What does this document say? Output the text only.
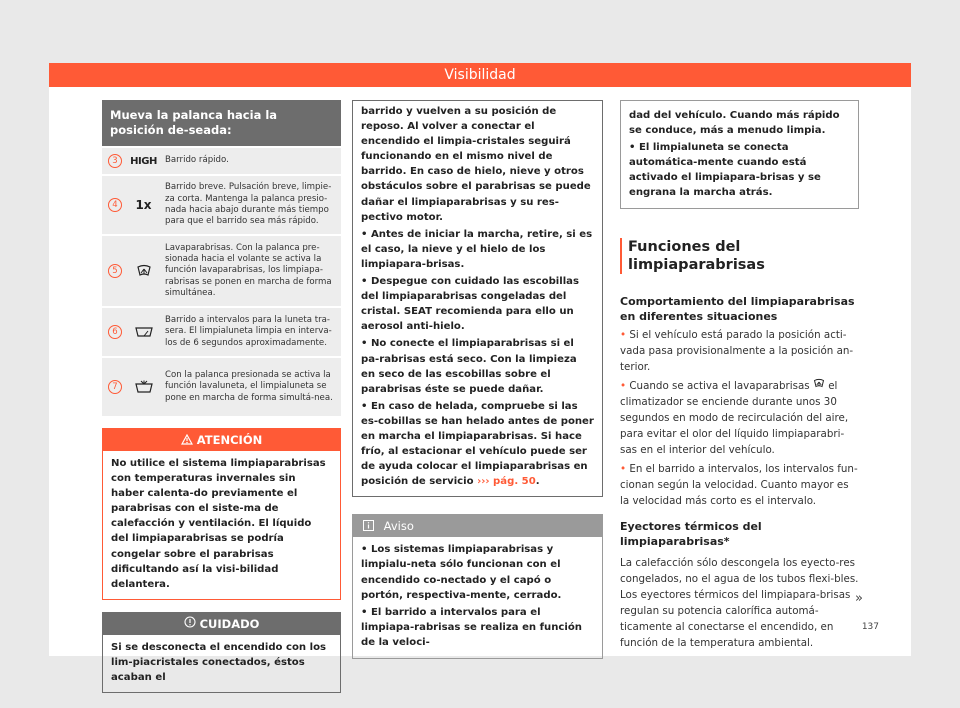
Visibilidad
Mueva la palanca hacia la posición de-seada:
3	HIGH Barrido rápido.
4	1x
Barrido breve. Pulsación breve, limpie-za corta. Mantenga la palanca presio-nada hacia abajo durante más tiempo para que el barrido sea más rápido.
5
Lavaparabrisas. Con la palanca pre-sionada hacia el volante se activa la función lavaparabrisas, los limpiapa-rabrisas se ponen en marcha de forma simultánea.
6
Barrido a intervalos para la luneta tra-sera. El limpialuneta limpia en interva-los de 6 segundos aproximadamente.
7
Con la palanca presionada se activa la función lavaluneta, el limpialuneta se pone en marcha de forma simultá-nea.
ATENCIÓN
No utilice el sistema limpiaparabrisas con temperaturas invernales sin haber calenta-do previamente el parabrisas con el siste-ma de calefacción y ventilación. El líquido del limpiaparabrisas se podría congelar sobre el parabrisas dificultando así la visi-bilidad delantera.
CUIDADO
Si se desconecta el encendido con los lim-piacristales conectados, éstos acaban el
barrido y vuelven a su posición de reposo. Al volver a conectar el encendido el limpia-cristales seguirá funcionando en el mismo nivel de barrido. En caso de hielo, nieve y otros obstáculos sobre el parabrisas se puede dañar el limpiaparabrisas y su res-pectivo motor.
• Antes de iniciar la marcha, retire, si es el caso, la nieve y el hielo de los limpiapara-brisas.
• Despegue con cuidado las escobillas del limpiaparabrisas congeladas del cristal. SEAT recomienda para ello un aerosol anti-hielo.
• No conecte el limpiaparabrisas si el pa-rabrisas está seco. Con la limpieza en seco de las escobillas sobre el parabrisas éste se puede dañar.
• En caso de helada, compruebe si las es-cobillas se han helado antes de poner en marcha el limpiaparabrisas. Si hace frío, al estacionar el vehículo puede ser de ayuda colocar el limpiaparabrisas en posición de servicio ››› pág. 50.
Aviso
• Los sistemas limpiaparabrisas y limpialu-neta sólo funcionan con el encendido co-nectado y el capó o portón, respectiva-mente, cerrado.
• El barrido a intervalos para el limpiapa-rabrisas se realiza en función de la veloci-
dad del vehículo. Cuando más rápido se conduce, más a menudo limpia.
• El limpialuneta se conecta automática-mente cuando está activado el limpiapara-brisas y se engrana la marcha atrás.
Funciones del limpiaparabrisas
Comportamiento del limpiaparabrisas en diferentes situaciones
• Si el vehículo está parado la posición acti-vada pasa provisionalmente a la posición an-terior.
• Cuando se activa el lavaparabrisas el climatizador se enciende durante unos 30 segundos en modo de recirculación del aire, para evitar el olor del líquido limpiaparabri-sas en el interior del vehículo.
• En el barrido a intervalos, los intervalos fun-cionan según la velocidad. Cuanto mayor es la velocidad más corto es el intervalo.
Eyectores térmicos del limpiaparabrisas*
La calefacción sólo descongela los eyecto-res congelados, no el agua de los tubos flexi-bles. Los eyectores térmicos del limpiapara-brisas regulan su potencia calorífica automá-ticamente al conectarse el encendido, en función de la temperatura ambiental.
»
137
